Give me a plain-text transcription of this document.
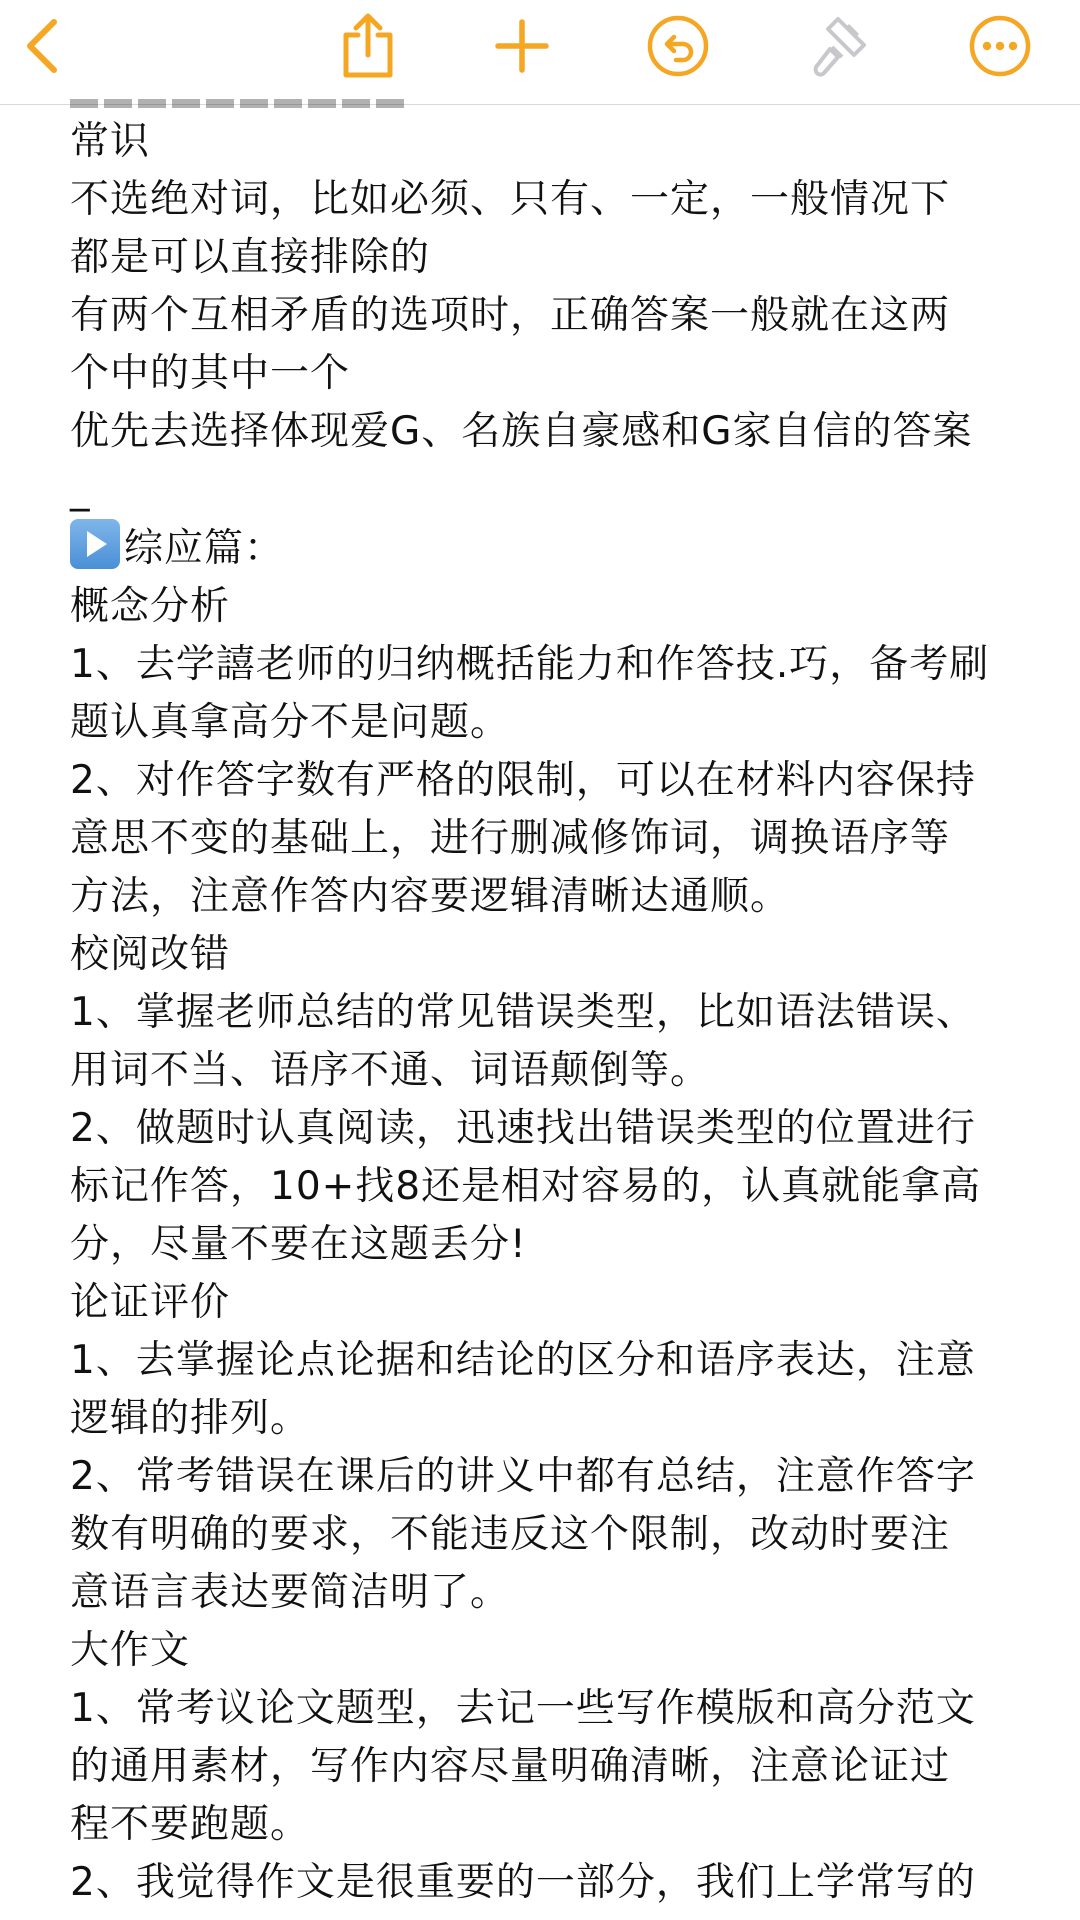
常识

不选绝对词，比如必须、只有、一定，一般情况下

都是可以直接排除的

有两个互相矛盾的选项时，正确答案一般就在这两

个中的其中一个

优先去选择体现爱G、名族自豪感和G家自信的答案

_

综应篇：

概念分析

1、去学譆老师的归纳概括能力和作答技.巧，备考刷

题认真拿高分不是问题。

2、对作答字数有严格的限制，可以在材料内容保持

意思不变的基础上，进行删减修饰词，调换语序等

方法，注意作答内容要逻辑清晰达通顺。

校阅改错

1、掌握老师总结的常见错误类型，比如语法错误、

用词不当、语序不通、词语颠倒等。

2、做题时认真阅读，迅速找出错误类型的位置进行

标记作答，10+找8还是相对容易的，认真就能拿高

分，尽量不要在这题丢分!

论证评价

1、去掌握论点论据和结论的区分和语序表达，注意

逻辑的排列。

2、常考错误在课后的讲义中都有总结，注意作答字

数有明确的要求，不能违反这个限制，改动时要注

意语言表达要简洁明了。

大作文

1、常考议论文题型，去记一些写作模版和高分范文

的通用素材，写作内容尽量明确清晰，注意论证过

程不要跑题。

2、我觉得作文是很重要的一部分，我们上学常写的
